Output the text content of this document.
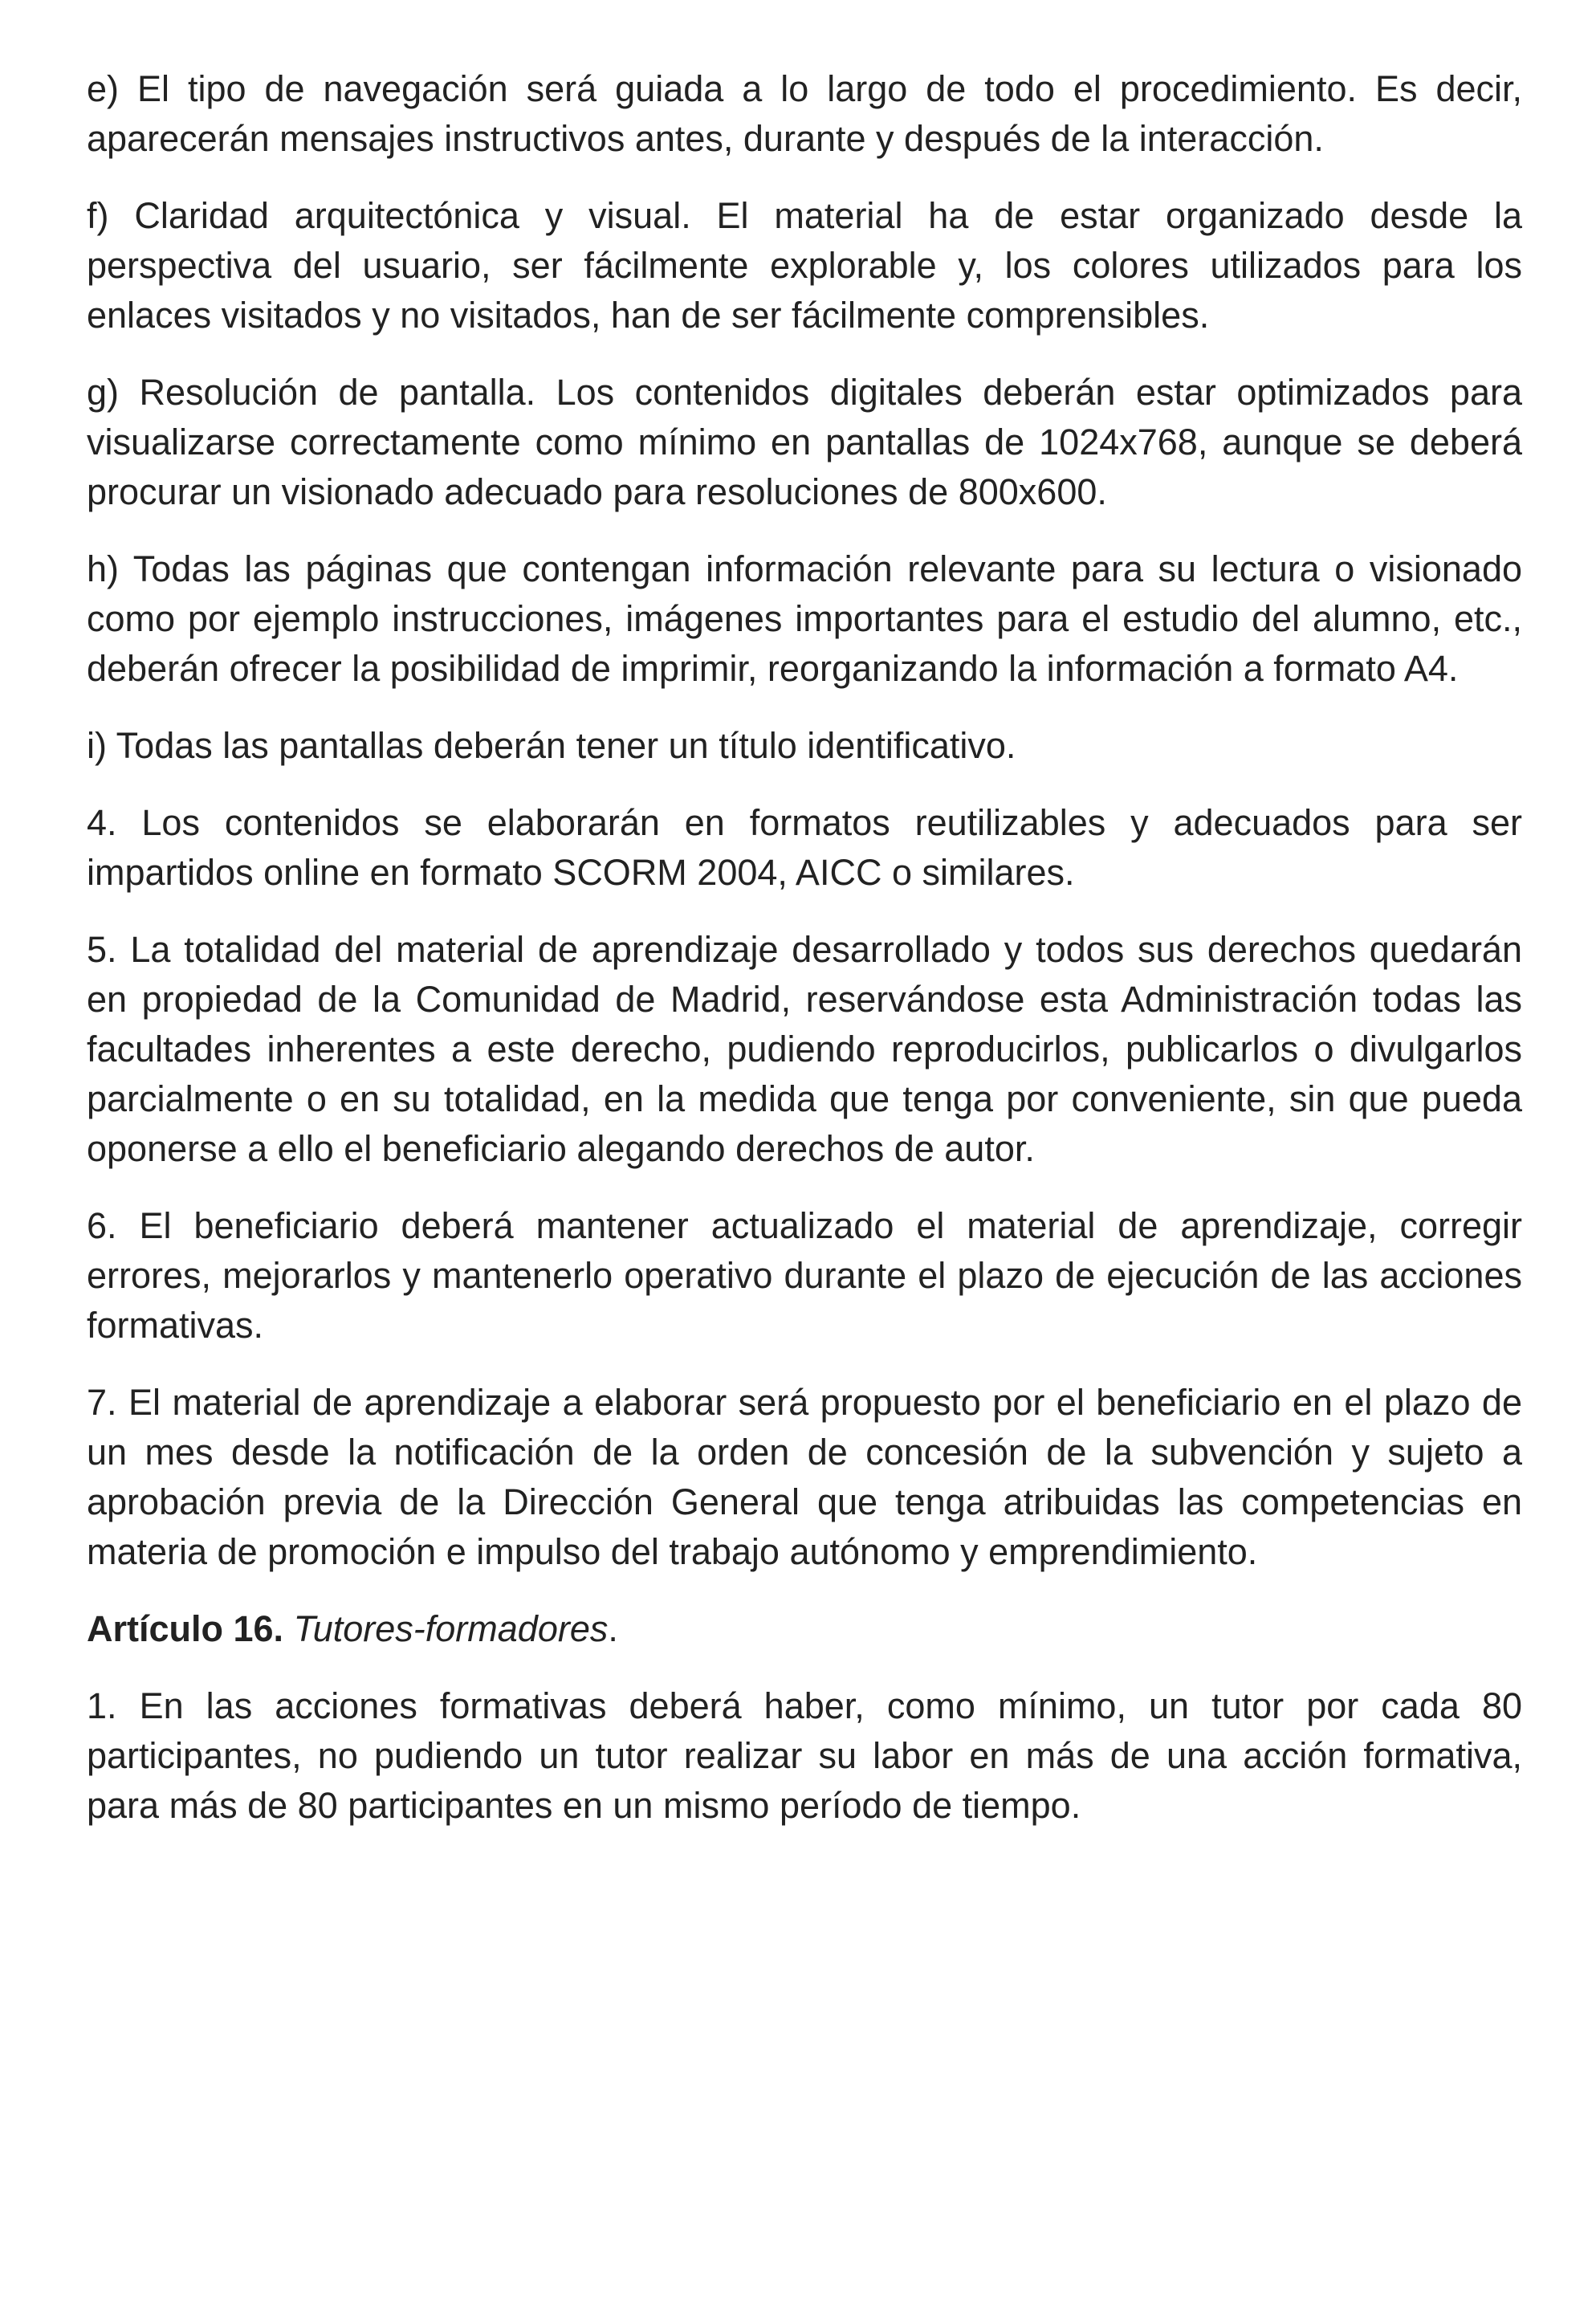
e) El tipo de navegación será guiada a lo largo de todo el procedimiento. Es decir, aparecerán mensajes instructivos antes, durante y después de la interacción.

f) Claridad arquitectónica y visual. El material ha de estar organizado desde la perspectiva del usuario, ser fácilmente explorable y, los colores utilizados para los enlaces visitados y no visitados, han de ser fácilmente comprensibles.

g) Resolución de pantalla. Los contenidos digitales deberán estar optimizados para visualizarse correctamente como mínimo en pantallas de 1024x768, aunque se deberá procurar un visionado adecuado para resoluciones de 800x600.

h) Todas las páginas que contengan información relevante para su lectura o visionado como por ejemplo instrucciones, imágenes importantes para el estudio del alumno, etc., deberán ofrecer la posibilidad de imprimir, reorganizando la información a formato A4.

i) Todas las pantallas deberán tener un título identificativo.

4. Los contenidos se elaborarán en formatos reutilizables y adecuados para ser impartidos online en formato SCORM 2004, AICC o similares.

5. La totalidad del material de aprendizaje desarrollado y todos sus derechos quedarán en propiedad de la Comunidad de Madrid, reservándose esta Administración todas las facultades inherentes a este derecho, pudiendo reproducirlos, publicarlos o divulgarlos parcialmente o en su totalidad, en la medida que tenga por conveniente, sin que pueda oponerse a ello el beneficiario alegando derechos de autor.

6. El beneficiario deberá mantener actualizado el material de aprendizaje, corregir errores, mejorarlos y mantenerlo operativo durante el plazo de ejecución de las acciones formativas.

7. El material de aprendizaje a elaborar será propuesto por el beneficiario en el plazo de un mes desde la notificación de la orden de concesión de la subvención y sujeto a aprobación previa de la Dirección General que tenga atribuidas las competencias en materia de promoción e impulso del trabajo autónomo y emprendimiento.

Artículo 16. Tutores-formadores.

1. En las acciones formativas deberá haber, como mínimo, un tutor por cada 80 participantes, no pudiendo un tutor realizar su labor en más de una acción formativa, para más de 80 participantes en un mismo período de tiempo.
